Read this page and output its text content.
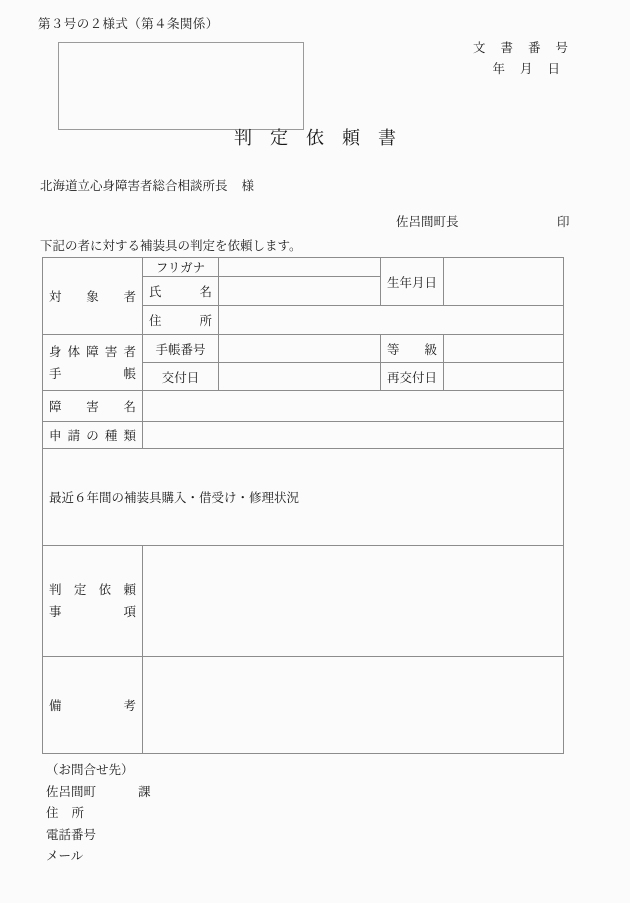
第３号の２様式（第４条関係）
文書番号
年月日
判定依頼書
北海道立心身障害者総合相談所長 様
佐呂間町長	印
下記の者に対する補装具の判定を依頼します。
対象者	フリガナ		生年月日	
	氏名			
	住所			

身体障害者
手帳	手帳番号		等級	
	交付日		再交付日	
障害名				
申請の種類				
最近６年間の補装具購入・借受け・修理状況				

判定依頼
事項				

備考				
（お問合せ先）
佐呂間町	課
住所
電話番号
メール
